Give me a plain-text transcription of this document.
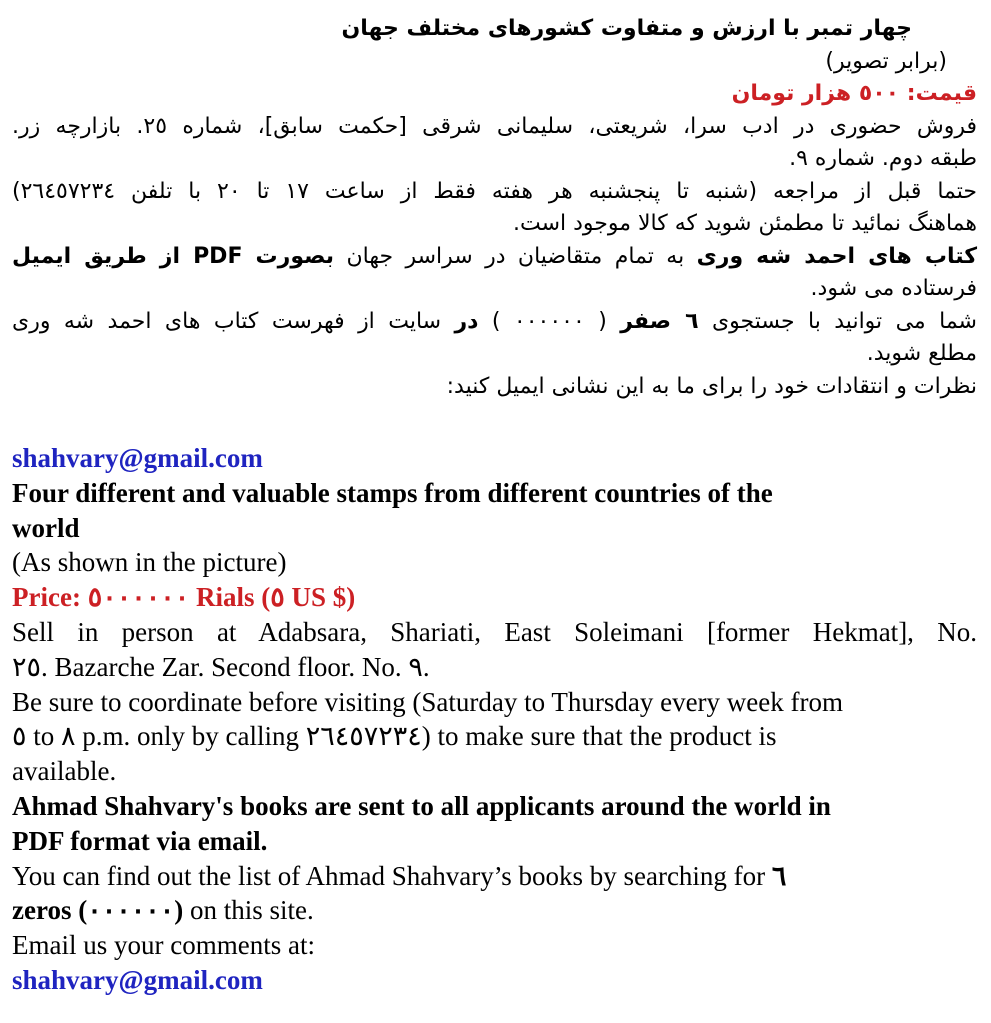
چهار تمبر با ارزش و متفاوت کشورهای مختلف جهان
(برابر تصویر)
قیمت: ٥٠٠ هزار تومان
فروش حضوری در ادب سرا، شریعتی، سلیمانی شرقی [حکمت سابق]، شماره ٢٥. بازارچه زر.
طبقه دوم. شماره ٩.
حتما قبل از مراجعه (شنبه تا پنجشنبه هر هفته فقط از ساعت ١٧ تا ٢٠ با تلفن ٢٦٤٥٧٢٣٤)
هماهنگ نمائید تا مطمئن شوید که کالا موجود است.
کتاب های احمد شه وری به تمام متقاضیان در سراسر جهان بصورت PDF از طریق ایمیل
فرستاده می شود.
شما می توانید با جستجوی ٦ صفر ( ٠٠٠٠٠٠ ) در سایت از فهرست کتاب های احمد شه وری
مطلع شوید.
نظرات و انتقادات خود را برای ما به این نشانی ایمیل کنید:
shahvary@gmail.com
Four different and valuable stamps from different countries of the
world
(As shown in the picture)
Price: ٥٠٠٠٠٠٠ Rials (٥ US $)
Sell in person at Adabsara, Shariati, East Soleimani [former Hekmat], No.
٢٥. Bazarche Zar. Second floor. No. ٩.
Be sure to coordinate before visiting (Saturday to Thursday every week from
٥ to ٨ p.m. only by calling ٢٦٤٥٧٢٣٤) to make sure that the product is
available.
Ahmad Shahvary's books are sent to all applicants around the world in
PDF format via email.
You can find out the list of Ahmad Shahvary’s books by searching for ٦
zeros (٠٠٠٠٠٠) on this site.
Email us your comments at:
shahvary@gmail.com
